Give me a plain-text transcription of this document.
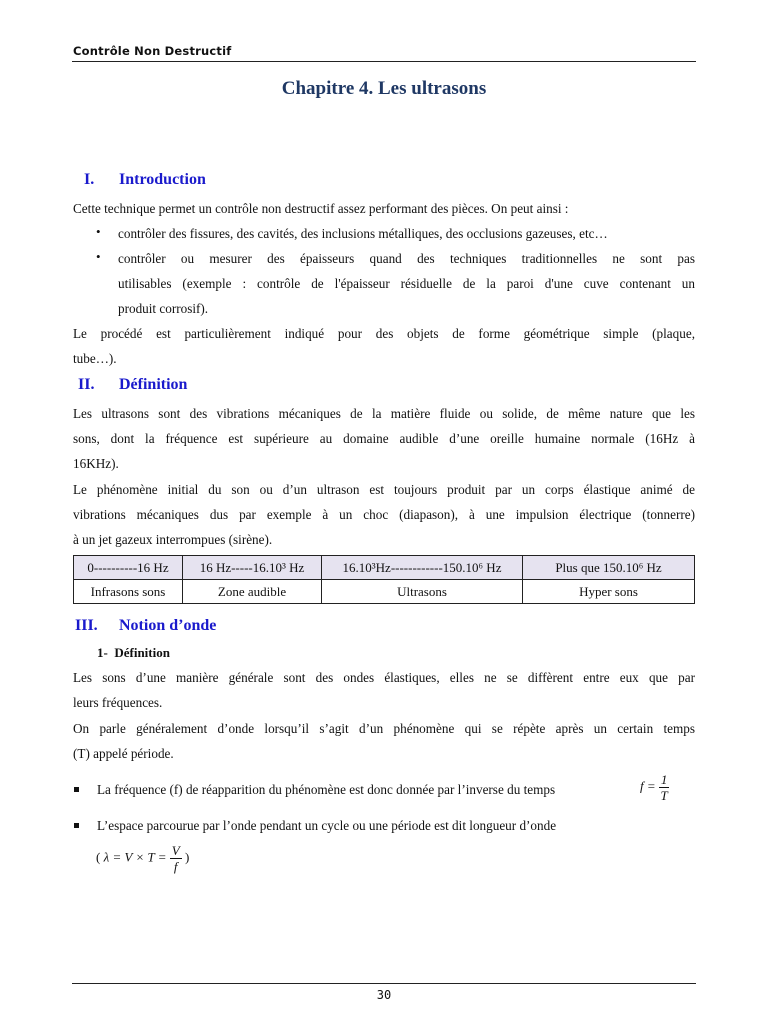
Contrôle Non Destructif
Chapitre 4. Les ultrasons
I. Introduction
Cette technique permet un contrôle non destructif assez performant des pièces. On peut ainsi :
• contrôler des fissures, des cavités, des inclusions métalliques, des occlusions gazeuses, etc…
• contrôler ou mesurer des épaisseurs quand des techniques traditionnelles ne sont pas
utilisables (exemple : contrôle de l'épaisseur résiduelle de la paroi d'une cuve contenant un
produit corrosif).
Le procédé est particulièrement indiqué pour des objets de forme géométrique simple (plaque,
tube…).
II. Définition
Les ultrasons sont des vibrations mécaniques de la matière fluide ou solide, de même nature que les
sons, dont la fréquence est supérieure au domaine audible d’une oreille humaine normale (16Hz à
16KHz).
Le phénomène initial du son ou d’un ultrason est toujours produit par un corps élastique animé de
vibrations mécaniques dus par exemple à un choc (diapason), à une impulsion électrique (tonnerre)
à un jet gazeux interrompues (sirène).
0----------16 Hz	16 Hz-----16.10³ Hz	16.10³Hz------------150.10⁶ Hz	Plus que 150.10⁶ Hz
Infrasons sons	Zone audible	Ultrasons	Hyper sons
III. Notion d’onde
1- Définition
Les sons d’une manière générale sont des ondes élastiques, elles ne se diffèrent entre eux que par
leurs fréquences.
On parle généralement d’onde lorsqu’il s’agit d’un phénomène qui se répète après un certain temps
(T) appelé période.
La fréquence (f) de réapparition du phénomène est donc donnée par l’inverse du temps	$f = \frac{1}{T}$
L’espace parcourue par l’onde pendant un cycle ou une période est dit longueur d’onde
( $\lambda = V \times T = \frac{V}{f}$ )
30
